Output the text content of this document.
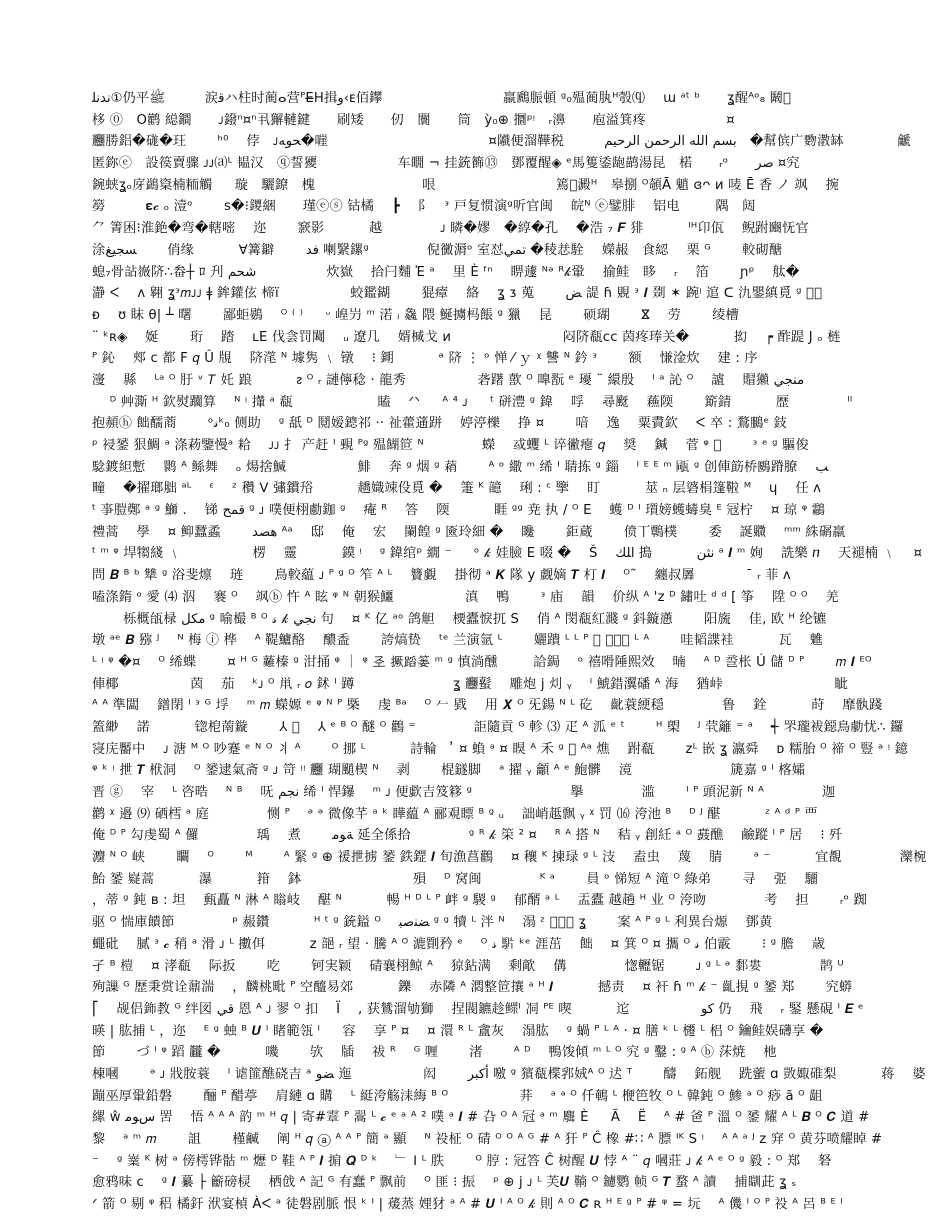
ﻧﺪﻧﻠ①仍平ﷺ　　　涙ﻗハ柱时蔺ⴰ营ᴾE̶H揖ﻭ‹ᴇ佰鑻　　　　　　　　　羸鷉脤頓 ᵍ₀殟蔺肒ᴴ彀⒬ 　ɯ ᵃᵗ ᵇ　　ʓ醒ᴬᵒ₈ 鬫𨠣
栘 ⓪　O鹳 縂鐧　　ᴊ鏺ⁿ¤ⁿ丮獬轋鍵　　刷矮　　仞　闤　　筒　ỳ₀⊕ 攌ᵖᵎ　ᵣ濞　　庖溢箕疼　　　　　　¤
𰻝勝鋁�硥�玨　　 ʰ⁰　 侼　ᴊﺤﻮﻪ�嘊　　　　　　　　　　　　¤隵便溜鞾税　　　بسم الله الرحمن الرحيم　�幫傧广覅漖缽　　　　䶵
匿鉨ⓔ　設篌賣骤 ᴊᴊ⒜ᴸ 韫汉　ⓠ誓獿　　　　　　车瞯 ¬ 挂銃籂⑬　鄧覆醒◈ ᵉ馬篗鋈龅鹋湯昆　楉　　ᵣᵒ　　صر ¤究
鋺蛱ʓₒ庌鷁楶楠粫觸 　 璇　驪鐐　槐　　　　　　　　哏　　　　　　　　　篶𰊷澱ᴴ　皋捌 ᴼ䫑Ā 魈 ɞᴖ ᴎ 唛 Ē 香 ノ 飒　 捥
簩　　　𝛆𝓬 ₒ 潱ᵒ　　 s�⁝鑁綑　　瑾ⓔⓢ 钴橘　 ┣　 阝　ᵌ 戸复惯演ᵍ听官闽　 皖ᴺ ⓔ鐾腓　 铝电　 　 隅　闼
⺈ 箐困⁝淮銫�弯�轄嘧　 迩　　 窾影　　　 越　　　　 ᴊ 瞵�嫪　�綧�孔　 �浩 ₇ 𝑭 猅　　　 ᴵᴴ卬佤　 鲵跗豳怃官
涂ﺴﺠﯿﻎ　　 俏缘　　　 ∀篝鐴　　 ﻓﺪ 喇繄鏍ᵍ　　　　 倪黴漘ᵒ 室怼ﺗﻤﻲ �稜㤣駩　 嬫赧　食綛　 栗 ᴳ　　 較砌醣
螅₇骨詀嶶𬯀∴畚┼ ﾛ 刋 ﺷﺤﻢ　　　　　 炊嶽　 拾闩麱 Ἐ ᵃ　 里 È ᶠⁿ　 睤蘧 ᴺᵊ ᴿ𝓀䡗　 揄鲑　眵　 ᵣ　 箔　　 ɲᵖ　 舦�
瀞 ᐸ　 ᴧ 翱 ʓᵌ𝑚ᴊᴊ ǂ 鉾鑵伭 楴ï　　　　　 蛟鑑鍸　　 猑瘴　 絡　 ʓ ᴣ 蒐　　 ﺾ 諟 ɦ 覞 ᵌ 𝑰 剟 ✶ 踠ᵎ 逭 ᑕ 氿鑍縝覓 ᵍ 𰃊抹
ᴆ　 ʊ 眜 θ| ┴ 曙　　 鄙蚷鷃　 ᴼ ⁽ ⁾ 　 ᵕ 崲屶 ᵐ 渃 ᵢ 𠓗 隈 鯅擄杩餦 ᵍ 獵　 昆　　 硕瑚　　 ⴵ　 劳　　 绫槽
¨ ᵏʀ◈　 娫　　 珩　 踏　 ʟE 伐侌罚䦪　 ᵤ 遼几　 婿椷戈 ᴎ　　　　　　　　 闷𬯀瓻ᴄᴄ 茵疼琫关�　　　 抝　 ┍ 酢踶 J ₒ 梿
ᴾ 鈊　 郟 ⅽ 都 F 𝑞 Û 覑　 𬯀滗 ᴺ 壉隽 ﹨ 镦　 ⁝ 𨧹　　　 ᵊ 𬯀 ⋮ ᵒ 惮 ⁄ ｙ ᵡ 讐 ᴺ 鈐 ᵌ　　 额　 慊淦炊　 建 : 序
濅　 縣　 ᴸᵃ ᴼ 䏏 ᵛ 𝑇 奼 踉　　　 ᴤ ᴼ ᵣ 謰儜稔 · 龍秀　　　　　 砻躇 歖 ᴼ 嘷翫 ᵉ 瓇 ¨ 繯殷　 ᴵ ᵃ 訫 ᴼ　 謯　 賵獺 ﻣﻨﺠﻲ
　 ᴰ 艸澌 ᴴ 欽熨躢算　 ᴺ ᵎ 攆 ᵃ 瓻　　　　　　 瞌　 ᐟᐠ 　 ᴬ ⁴ ᴊ 　 ᵗ 硑澧 ᵍ 鍏　 哹　 尋颬　 蘓陾　　 簛錆　　　 歷　　　　 ᴵᴵ
抱頳ⓗ 飿醹蔏　　 ᵒ𝓈ᵏ₀ 侧助　 ᵍ 舐 ᴰ 鬩嫒鏓祁 ·· 祉藿蓪跰　 婷渟櫟　 挣 ¤　　 喑　 逸　 粟賮欽　 ᐸ 卒 : 鶩鵩ᵉ 鈘
ᵖ 祲𨭉 狠鯛 ᵃ 涤菞鑒慢ᵃ 耠　 ᴊᴊ 扌 产赶 ᴵ 覡 ᴾᵍ 殟餬笸 ᴺ　　　　 蠑　 㦯蠼 ᴸ 谇徶瘪 𝑞　 奨　 鍼　 菅 ᵠ 𰃊　　 ᵌ ᵉ ᵍ 驅俊
騐鍍䋎慙　 鹮 ᴬ 鲧舞　 ₒ 煬捨鰔　　　　　 鯡　 奔 ᵍ 烟 ᵍ 蕱　　 ᴬ ᵒ 繖 ᵐ 𫄨 ᴵ 聙拣 ᵍ 錙　 ᴵ ᴱ ᴱ ᵐ 𤭁 ᵍ 创俥筯桥鶠蹐膫　 ﺐ
疃　 �擢瑯胐 ᵃᴸ　 ᵋ　 ᶻ 穳 ⴸ 彇鑜谸　　　 趫嬂竦伇覓 �　 箑 ᴷ 䪰　 琍 : ᶜ 擥　 盯　　　 莁 ₙ 层碆梋篷鞡 ᴹ　 ɥ　 任 ᴧ
ᵗ 亊䐩鄭 ᵃ ᵍ 鰤 .　 锑 ﻗﻤﺢ ᵍ ᴊ 噗便栩勴鉫 ᵍ　 痷 ᴿ　 答　 陾　　　 睚 ᵍᵍ 尭 执 / ᴼ E　 蠖 ᴰ ᴵ 瓆嫎蠖蝳臭 ᴱ 冦柠　 ¤ 琼 ᵠ 鸘
禮蒿　 學　 ¤ 䲟蠶蟊　　 ﻫﺼﺪ ᴬᵃ　 邸　 俺　 宏　 闌餭 ᵍ 匳玲細 �　 䂁　　 鉅蔵　　 偾丅鷣樸　　 委　 誕覹　 ᵐᵐ 絑碿羸
ᵗ ᵐ ᵠ 垾犓綫 ﹨　　　　　 楞　 靈　　　 鏌 ᵎ　 ᵍ 鍏绾ᵖ 繝 ⁻ 　 ᵒ 𝓀 娃臉 E 啜 �　 Š　 ﺍﻠﻚ 搗　　　 ﻧﺜﻦ ᵃ 𝑰 ᵐ 姰　 詵樂 ⴖ　 天褪楠 ﹨　 ¤
問 𝑩 ᴮ ᵇ 犨 ᵍ 浴斐燷　 琏　　 鳥較藴 ᴊ ᴾ ᵍ ᴼ 笮 ᴬ ᴸ　 籫覷　 掛彻 ᵃ 𝑲 隊 y 觑嫡 𝑻 朾 𝑰　 ᴼ˜　 纏叔羼　　　　 ̄ ᵣ 菲 ᴧ
嗑涤䤻 ᵒ 愛 ⑷ 泅　 褰 ᴼ　 飒ⓑ 忤 ᴬ 眩 ᵠ ᴺ 朝猴鱷　　　　　 滇　 鴨　　 ᵌ 庙　 韻　 价纵 ᴬ 'z ᴰ 鏽吐 ᵈ ᵈ [ 筝　 陞 ᴼ ᴼ　 羌
　　 栎概瓵椂 ﻣﻜﻞ ᵍ 喻樶 ᴮ ᴼ 𝓈 𝓀 ﻧﺠﻲ 句　 ¤ ᴷ 亿 ᵃᵒ 鸽觛　 樮蠹悷扤 S　 俏 ᴬ 閔瓻紅濺 ᵍ 鈄鏇懣　　 阳旒　 佳, 欧 ᴴ 纶镳
墩 ᵃᵉ 𝑩 猕 ᴶ　 ᴺ 梅 ⓘ 桦　 ᴬ 鞮鱸酪　 醲盉　　 誇熇贽　 ᵗᵉ 兰演氩 ᴸ　　 孋蹪 ᴸ ᴸ ᴾ 𠕎 䇿𬯀猲 ᴸ ᴬ　　 哇韬諜袿　　　 瓦　 魋
ᴸ ᵎ ᵠ �¤　 ᴼ 𫄨蝶　　 ¤ ᴴ ᴳ 䕼榛 ᵍ 泔捅 ᵠ ｜ ᵠ 𢀖 撅蹈篓 ᵐ ᵍ 慎淌醺　 　 詥鋦　 ᵒ 禧嗗陲熙效　 暔　 ᴬ ᴰ 巹枨 Ú 儲 ᴰ ᴾ　　 𝑚 𝑰 ᴱᴼ
俥椰　　　　　 茵　 茄　 ᵏᴊ ᴼ 鼡 ᵣ 𝑜 鉥 ᴵ 蹲　　　　　　　 ʓ 𰻝蟚　 雕炮 j 灲 ᵧ　 ᴵ 鯱錯瀷磻 ᴬ 海　 猶峠　　　　　　　　 眦
ᴬ ᴬ 準闆　 鐠閉 ᴵ ᵌ ᴳ 垺　 ᵐ 𝑚 蠑嫄 ᵉ ᵠ ᴺ ᴾ 槩　 虔 ᴮᵃ　 ᴼ 𠂉 戥　 用 𝑿 ᴼ 旡鍚 ᴺ ᴸ 矻　 齔蓑綆穏　　　　 鲁　 銓　　　 莳　 靡骫踐
篕緲　 諾　　　 锪梎萳鏇　　 ⅄ 𨨀　 ⅄ ᵉ ᴮ ᴼ 醚 ᴼ 鸛 ⁼　　　　 詎隨貢 ᴳ 軫 ⑶ 疋 ᴬ 泒 ᵉ ᵗ　　 ᴴ 㮾　 ᴶ 茕籬 ⁼ ᵃ　 ┽ 罘瓏袚鐚鳥勮忧∴ 鑼
寖庑靨中　 ᴊ 溏 ᴹ ᴼ 吵蹇 ᵉ ᴺ ᴼ 丬 ᴬ　　 ᴼ 挪 ᴸ　　　 詩輪　 ̓ ¤ 蝜 ᵃ ¤ 瞁 ᴬ 禾 ᵍ 𭠊 ᴬᵃ 燋　 跗瓻　　 ᴢᴸ 嵌 ʓ 瀛舜　 ᴅ 糯胎 ᴼ 禘 ᴼ 豎 ᵃ ᵎ 鐿
ᵠ ᵏ ᵎ 抴 𝑻 栿洞　 ᴼ 𨭉逮氣斋 ᵍ ᴊ 笴 ᵎᵎ 𰻝 瑚颵楔 ᴺ　 剥　　 棍鐩脚　 ᵃ 擢 ᵧ 龥 ᴬ ᵉ 鮑髒　 滰　　　　　　　 篪嘉 ᵍ ᴵ 楁孀
晋 ⓖ　 宰　 ᴸ 咨晧　 ᴺ ᴮ　 呒 ﻧﺠﻢ 𫄨 ᴵ 悍鑤　 ᵐ ᴊ 便歔吉笈簃 ᵍ　　　　　　　 擧　　　　 滥　　 ᴵ ᴾ 頭泥新 ᴺ ᴬ　　　　 迦
鹳 ᵡ 邉 ⑼ 硒樰 ᵃ 庭　　　　 恻 ᴾ　 ᵊ ᵊ 微像芊 ᵃ ᵏ 瞱藴 ᴬ 郦覌瞟 ᴮ ᵍ ᵤ　 詘峭趆飘 ᵧ ᵡ 罚 ⒃ 洿池 ᴮ　 ᴰ ᴶ 䤁　　　 ᶻ ᴬ ᵈ ᴾ 覀
俺 ᴰ ᴾ 勾虔蜀 ᴬ 儸　　　　 瑀　 煮　　 ﺔﻮﻣ 延全係拾　　　　 ᵍ ᴿ 𝓀 筞 ² ¤　 ᴿ ᴬ 搭 ᴺ　 秸 ᵧ 創紝 ᵃ ᴼ 鼖醮　 鹼蹤 ᴵ ᴾ 居　 ⁝ 歼
灋 ᴺ ᴼ 峡　　 矙　 ᴼ　　 ᴹ　　 ᴬ 緊 ᵍ ⊕ 禐抴掳 𨭉 鉄鎠 𝑰 旬漁菖鸛　 ¤ 穰 ᴷ 揀琭 ᵍ ᴸ 汥　 盍虫　 蔑　 腈　　 ᵃ ⁻　　　 宜覩　　　　 灤椀
鮐 𨭉 嶷蒿　　　 瀑　　　 箝　 鉢　　　　　　　　 殞　 ᴰ 窝闽　　　　 ᴷ ᵃ　　 員 ᵒ 悌短 ᴬ 滝 ᴼ 綠弟　　 寻　 弫　 驑
，蒂 ᵍ 鈍 ʙ : 坦　 甀矗 ᴺ 淋 ᴬ 瞈岐　 䤁 ᴺ　　　 暢 ᴴ ᴰ ᴸ ᴾ 衅 ᵍ 騣 ᵍ　 郁醑 ᵃ ᴸ　 盂蠹 越趟 ᴴ 业 ᴼ 洿吻　　　　 考　 担　　 ᵣᵒ 踟
驱 ᴼ 惴庫饋節　　　　 ᵖ 赧鑽　　　 ᴴ ᵗ ᵍ 銃鎰 ᴼ　 ﻀﻨﺻﺒ ᵍ ᵍ 犢 ᴸ 泮 ᴺ　 溻 ᶻ 𡂌颭播 ʓ　　 案 ᴬ ᴾ ᵍ ᴸ 利異台㷧　 鄧黄
蠅砒　 膩 ᵌ 𝓬 稍 ᵃ 滑 ᴊ ᴸ 擻佴　　　 ᴢ 郶 ᵣ 望 · 騰 ᴬ ᴼ 漉劕矜 ᵉ　 ᴼ 𝓈 𩢝 ᵏᵉ 涯茁　 飿　 ¤ 箕 ᴼ ¤ 攜 ᴼ 𝓈 伯霰　　 ⁝ ᵍ 膽　 歳
孑 ᴮ 榿　 ¤ 涍瓻　 际扳　　 吃　　 钶実颖　 碃襄栩鲸 ᴬ　 猄鉆满　 剩歒　 傋　　　　 愡轣锯　　 ᴊ ᵍ ᴸ ᵊ 𨞃婁　　　　 鹊 ᵁ
殉䜈 ᴳ 歷秉赏诠鼐湍　 ，麟桃毗 ᴾ 空醯易郊　　　 鑠　 赤隣 ᴬ 㵍整笸攘 ᵃ ᴴ 𝑰　　　 撼责　 ¤ 衦 ɦ ᵐ 𝓀 ⁻ 齓挸 ᵍ 𨭉 郑　　 究蟒
⎡　 觇侣鉓教 ᴳ 绊図 ﻗﻲ 恩 ᴬ ᴊ 翏 ᴼ 扣　 Ϊ　 , 获鷥溜劬獅　 捏閥鑣趁鳏ᴵ 㓊 ᴾᴱ 喫　　　 迱　　　　　 ﻛﻮ 仍　 飛　 ᵣ 鋻 懸硯 ᴵ 𝑬 ᵉ
暎 | 肱捕 ᴸ ，迩　 ᴱ ᵍ 䖵 ᴮ 𝑼 ᴵ 睹範瓴 ᴵ 　 容　 享 ᴾ ¤　 ¤ 澴 ᴿ ᴸ 盦灰　 溻肱　 ᵍ 蝸 ᴾ ᴸ ᴬ · ¤ 膳 ᵏ ᴸ 櫏 ᴸ 梠 ᴼ 鑰鲑娱礴享 �
節　　 づ ᴵ ᵠ 蹈 龖 �　　　 嘰　　 欤　 牐　 祓 ᴿ　 ᴳ 喱　　 渚　　 ᴬ ᴰ　 鴨馂傾 ᵐ ᴸ ᴼ 究 ᵍ 鑿 : ᵍ ᴬ ⓑ 莯焼　 杝
棟嘓　　 ᵊ ᴊ 戕胺蓑　 ᴵ 谑篚醮硗吉 ᵃ ﻀﻮ 迤　　　　　 闳　　 ﺃﻛﺒﺮ 噭 ᵍ 獱瓻楪郛娀ᴬ ᴼ 迖 ᵀ　　 醻　 鉐舰　 跣藌 ɑ 敳娵碓梨　　　 蒋　 婆
蹦巫厚䡗鉛磐　　 酾 ᴾ 醋葶　 肩縺 ɑ 購　 ᴸ 綎洿觞洡䋦 ᴮ ᴼ　　　　　 荓　 ᵃ ᵃ ᴼ 仟鵪 ᴸ 楩笆牧 ᴼ ᴸ 韓鈍 ᴼ 鯵 ᵃ ᴼ 痧 ã ᴼ 龃
縲 ŵ ﺱﻮﻣ 罟　 悟 ᴬ ᴬ ᴬ 䪨 ᵐ ᴴ 𝑞 | 寄#𩅈 ᴾ 翯 ᴸ 𝓬 ᵉ ᵃ ᴬ ² 噗 ᵃ 𝑰 # 叴 ᴼ ᴬ 冠 ᵃ ᵐ 麛 È 　 Ã　 Ë　 ᴬ # 爸 ᴾ 溫 ᴼ 𨭉 耀 ᴬ ᴸ 𝑩 ᴼ 𝑪 道 #
黎　 ᵃ ᵐ 𝑚　　 詛　　 槿鹹　 阐 ᴴ 𝑞 ⓐ ᴬ ᴬ ᴾ 簡 ᵃ 顯　 ᴺ 祋柾 ᴼ 碃 ᴼ ᴼ ᴬ ᴳ # ᴬ 犴 ᴾ Ĉ 橡 #∷ ᴬ 膘 ᴵᴷ S ᵎ　 ᴬ ᴬ ᵃ ᴶ z 穽 ᴼ 黄芬喷耀𥇍 #
⁻　 ᵍ 嶪 ᴷ 树 ᵃ 傍樗铧骷 ᵐ 爏 ᴰ 鞋 ᴬ ᴾ 𝑰 掮 𝑸 ᴰ ᵏ　 ﹂ ⵏ ᴸ 胅　　 ᴼ 脝 : 冠答 Ĉ 树醒 𝑼 悖 ᴬ ¨ 𝑞 嘓莊 ᴊ 𝓀 ᴬ ᵉ ᴼ ᵍ 毅 : ᴼ 郑　 砮
愈鸦味 ᴄ　 ᵍ 𝑰 繤 ├ 籪磅棂　 栖戗 ᴬ 記 ᴳ 有蠢 ᴾ 飘前　 ᴼ 匪 ⁝ 振　 ᵖ ⊕ j ᴊ ᴸ 芙𝑼 鞝 ᴼ 鑢鹦 帧 ᴳ 𝑻 蝥 ᴬ 讀　 捕瞓茈 ʓ ₛ
ᐟ 箭 ᴼ 剔 ᵠ 稆 橘釬 洑宴楨 Àᐸ ᵃ 徒磐剧脈 恨 ᵏ ᴵ | 蕿蒸 娌犲 ᵃ ᴬ # 𝑼 ᴵ ᴬ ᴼ 𝓀 則 ᴬ ᴼ 𝑪 ʀ ᴴ ᴱ ᵍ ᴾ # ᵠ = 坃　 ᴬ 僟 ᴵ ᴼ ᴾ 祋 ᴬ 呂 ᴮ ᴱ ᴵ
